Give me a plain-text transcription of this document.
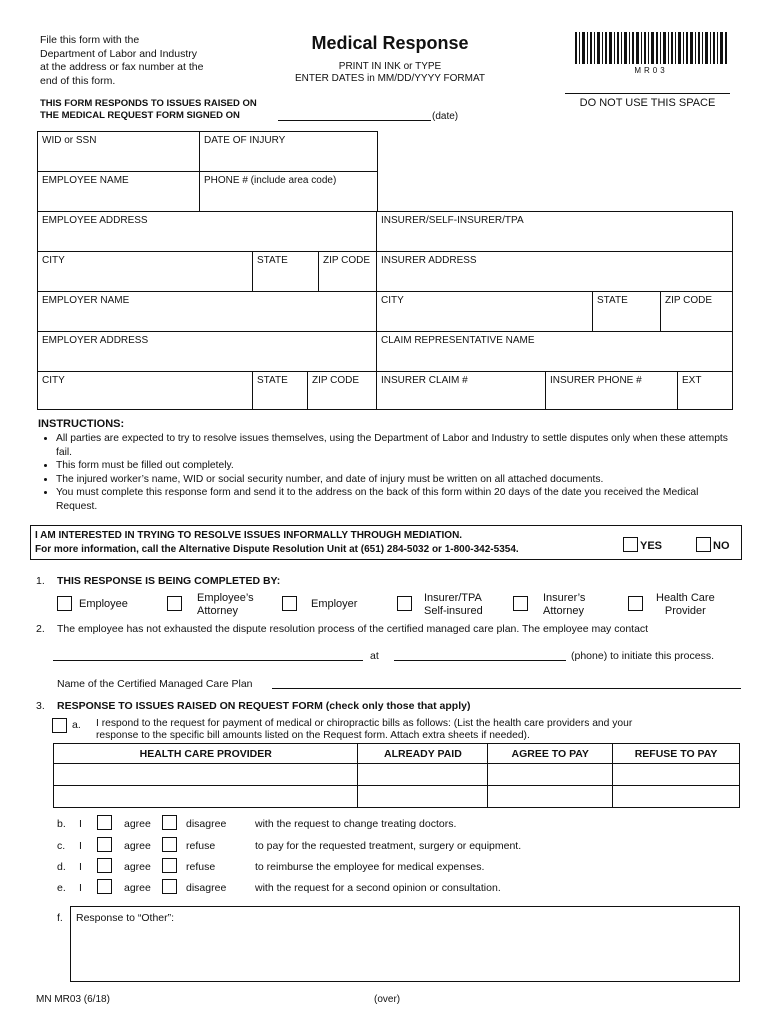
File this form with the
Department of Labor and Industry
at the address or fax number at the
end of this form.
Medical Response
PRINT IN INK or TYPE
ENTER DATES in MM/DD/YYYY FORMAT
MR03
DO NOT USE THIS SPACE
THIS FORM RESPONDS TO ISSUES RAISED ON
THE MEDICAL REQUEST FORM SIGNED ON	(date)
WID or SSN	DATE OF INJURY
EMPLOYEE NAME	PHONE # (include area code)
EMPLOYEE ADDRESS	INSURER/SELF-INSURER/TPA
CITY	STATE	ZIP CODE	INSURER ADDRESS
EMPLOYER NAME	CITY	STATE	ZIP CODE
EMPLOYER ADDRESS	CLAIM REPRESENTATIVE NAME
CITY	STATE	ZIP CODE	INSURER CLAIM #	INSURER PHONE #	EXT
INSTRUCTIONS:
• All parties are expected to try to resolve issues themselves, using the Department of Labor and Industry to settle disputes only when these attempts fail.
• This form must be filled out completely.
• The injured worker’s name, WID or social security number, and date of injury must be written on all attached documents.
• You must complete this response form and send it to the address on the back of this form within 20 days of the date you received the Medical Request.
I AM INTERESTED IN TRYING TO RESOLVE ISSUES INFORMALLY THROUGH MEDIATION.
For more information, call the Alternative Dispute Resolution Unit at (651) 284-5032 or 1-800-342-5354.	YES	NO
1. THIS RESPONSE IS BEING COMPLETED BY:
Employee	Employee’s
Attorney
Employer	Insurer/TPA
Self-insured
Insurer’s
Attorney
Health Care
Provider
2. The employee has not exhausted the dispute resolution process of the certified managed care plan. The employee may contact
at	(phone) to initiate this process.
Name of the Certified Managed Care Plan
3. RESPONSE TO ISSUES RAISED ON REQUEST FORM (check only those that apply)
a. I respond to the request for payment of medical or chiropractic bills as follows: (List the health care providers and your
response to the specific bill amounts listed on the Request form. Attach extra sheets if needed).
HEALTH CARE PROVIDER	ALREADY PAID	AGREE TO PAY	REFUSE TO PAY

b. I	agree	disagree	with the request to change treating doctors.
c. I	agree	refuse	to pay for the requested treatment, surgery or equipment.
d. I	agree	refuse	to reimburse the employee for medical expenses.
e. I	agree	disagree	with the request for a second opinion or consultation.
f. Response to “Other”:
MN MR03 (6/18)	(over)
